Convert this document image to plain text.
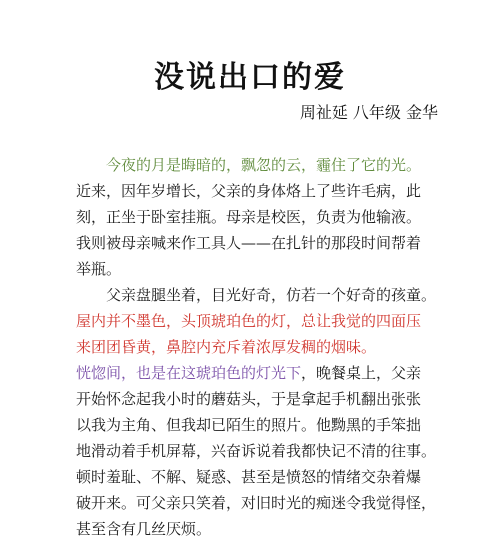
没说出口的爱
周祉延 八年级 金华
今夜的月是晦暗的，飘忽的云，霾住了它的光。
近来，因年岁增长，父亲的身体烙上了些许毛病，此
刻，正坐于卧室挂瓶。母亲是校医，负责为他输液。
我则被母亲喊来作工具人——在扎针的那段时间帮着
举瓶。
父亲盘腿坐着，目光好奇，仿若一个好奇的孩童。
屋内并不墨色，头顶琥珀色的灯，总让我觉的四面压
来团团昏黄，鼻腔内充斥着浓厚发稠的烟味。
恍惚间，也是在这琥珀色的灯光下，晚餐桌上，父亲
开始怀念起我小时的蘑菇头，于是拿起手机翻出张张
以我为主角、但我却已陌生的照片。他黝黑的手笨拙
地滑动着手机屏幕，兴奋诉说着我都快记不清的往事。
顿时羞耻、不解、疑惑、甚至是愤怒的情绪交杂着爆
破开来。可父亲只笑着，对旧时光的痴迷令我觉得怪，
甚至含有几丝厌烦。
